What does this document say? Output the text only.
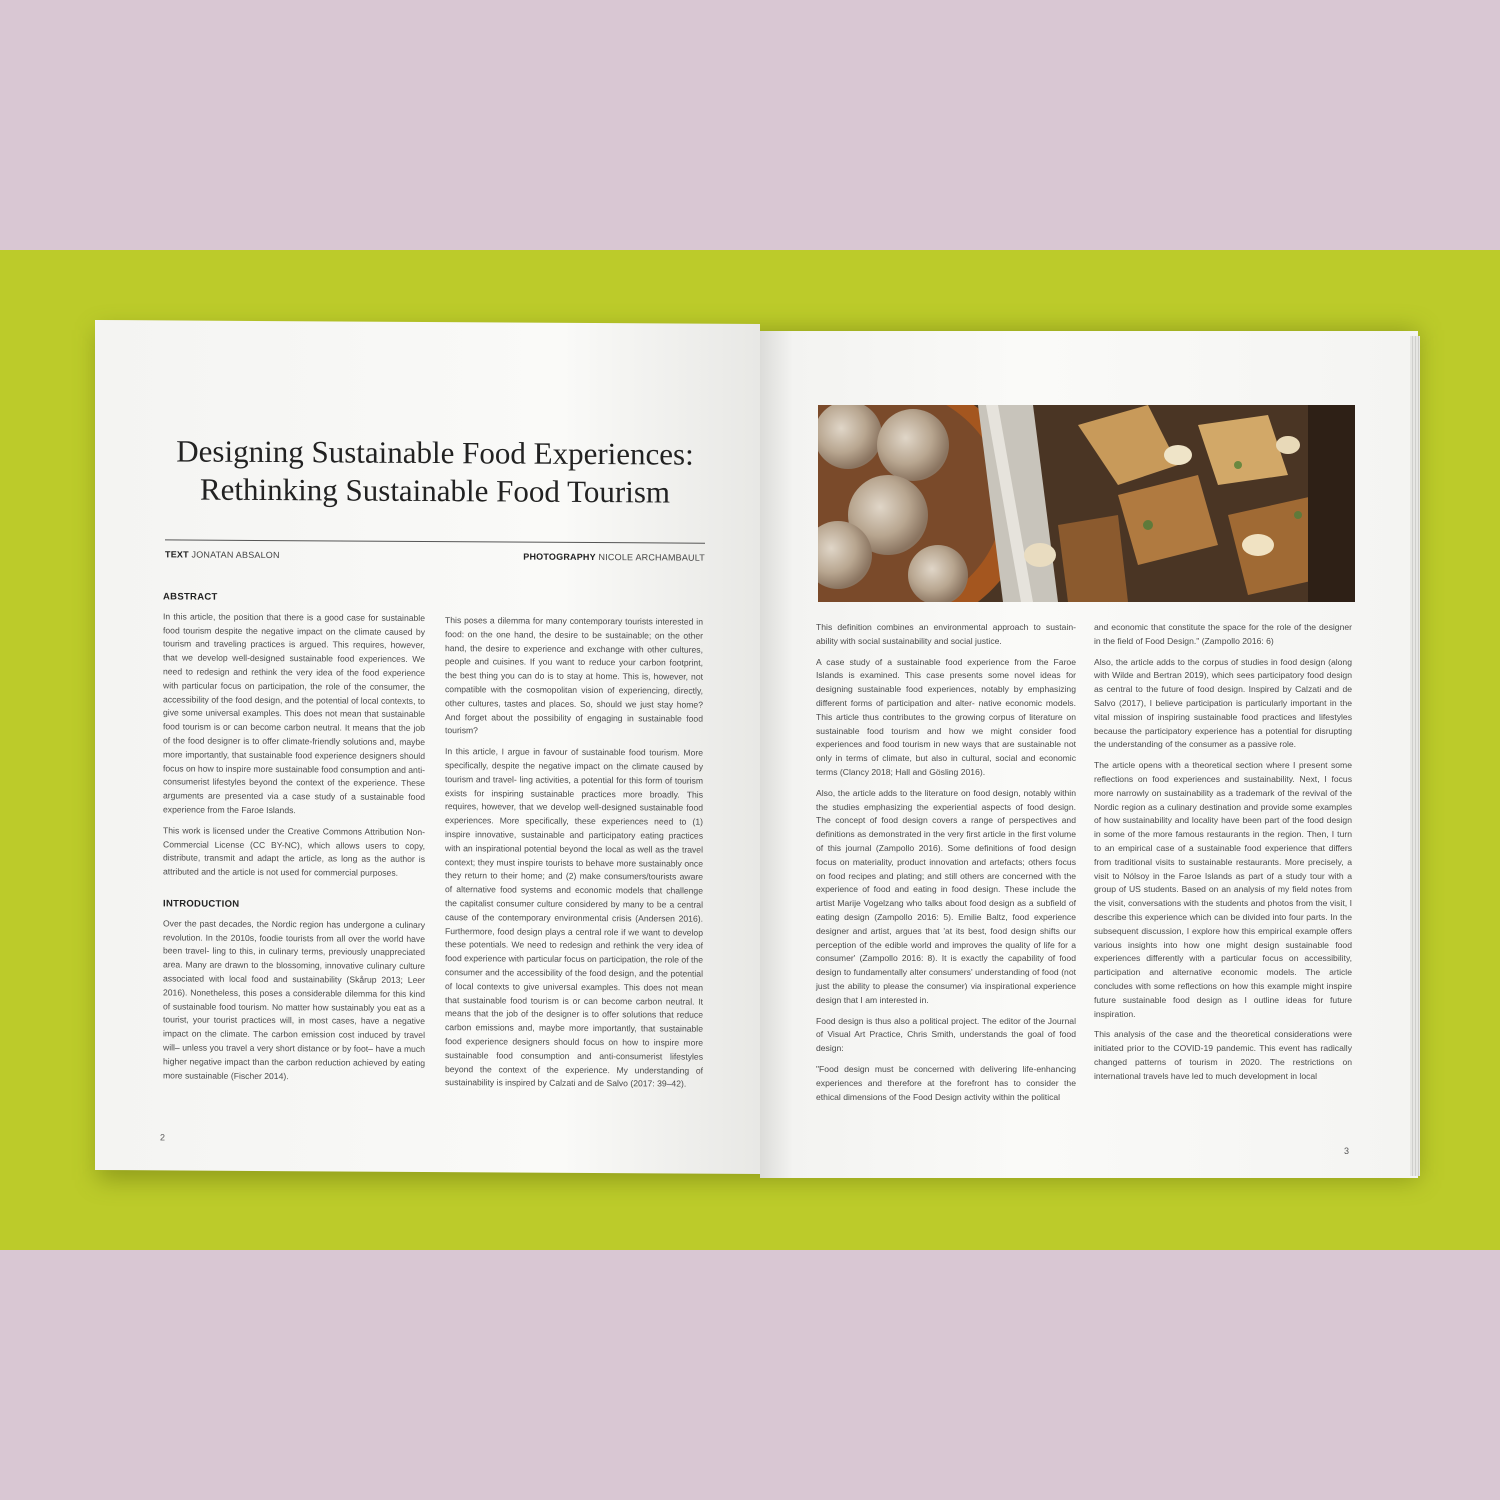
Designing Sustainable Food Experiences:
Rethinking Sustainable Food Tourism
TEXT JONATAN ABSALON	PHOTOGRAPHY NICOLE ARCHAMBAULT
ABSTRACT

In this article, the position that there is a good case for sustainable food tourism despite the negative impact on the climate caused by tourism and traveling practices is argued. This requires, however, that we develop well-designed sustainable food experiences. We need to redesign and rethink the very idea of the food experience with particular focus on participation, the role of the consumer, the accessibility of the food design, and the potential of local contexts, to give some universal examples. This does not mean that sustainable food tourism is or can become carbon neutral. It means that the job of the food designer is to offer climate-friendly solutions and, maybe more importantly, that sustainable food experience designers should focus on how to inspire more sustainable food consumption and anti- consumerist lifestyles beyond the context of the experience. These arguments are presented via a case study of a sustainable food experience from the Faroe Islands.

This work is licensed under the Creative Commons Attribution Non-Commercial License (CC BY-NC), which allows users to copy, distribute, transmit and adapt the article, as long as the author is attributed and the article is not used for commercial purposes.

INTRODUCTION

Over the past decades, the Nordic region has undergone a culinary revolution. In the 2010s, foodie tourists from all over the world have been travel- ling to this, in culinary terms, previously unappreciated area. Many are drawn to the blossoming, innovative culinary culture associated with local food and sustainability (Skårup 2013; Leer 2016). Nonetheless, this poses a considerable dilemma for this kind of sustainable food tourism. No matter how sustainably you eat as a tourist, your tourist practices will, in most cases, have a negative impact on the climate. The carbon emission cost induced by travel will– unless you travel a very short distance or by foot– have a much higher negative impact than the carbon reduction achieved by eating more sustainable (Fischer 2014).

This poses a dilemma for many contemporary tourists interested in food: on the one hand, the desire to be sustainable; on the other hand, the desire to experience and exchange with other cultures, people and cuisines. If you want to reduce your carbon footprint, the best thing you can do is to stay at home. This is, however, not compatible with the cosmopolitan vision of experiencing, directly, other cultures, tastes and places. So, should we just stay home? And forget about the possibility of engaging in sustainable food tourism?

In this article, I argue in favour of sustainable food tourism. More specifically, despite the negative impact on the climate caused by tourism and travel- ling activities, a potential for this form of tourism exists for inspiring sustainable practices more broadly. This requires, however, that we develop well-designed sustainable food experiences. More specifically, these experiences need to (1) inspire innovative, sustainable and participatory eating practices with an inspirational potential beyond the local as well as the travel context; they must inspire tourists to behave more sustainably once they return to their home; and (2) make consumers/tourists aware of alternative food systems and economic models that challenge the capitalist consumer culture considered by many to be a central cause of the contemporary environmental crisis (Andersen 2016). Furthermore, food design plays a central role if we want to develop these potentials. We need to redesign and rethink the very idea of food experience with particular focus on participation, the role of the consumer and the accessibility of the food design, and the potential of local contexts to give universal examples. This does not mean that sustainable food tourism is or can become carbon neutral. It means that the job of the designer is to offer solutions that reduce carbon emissions and, maybe more importantly, that sustainable food experience designers should focus on how to inspire more sustainable food consumption and anti-consumerist lifestyles beyond the context of the experience. My understanding of sustainability is inspired by Calzati and de Salvo (2017: 39–42).

2

This definition combines an environmental approach to sustain- ability with social sustainability and social justice.

A case study of a sustainable food experience from the Faroe Islands is examined. This case presents some novel ideas for designing sustainable food experiences, notably by emphasizing different forms of participation and alter- native economic models. This article thus contributes to the growing corpus of literature on sustainable food tourism and how we might consider food experiences and food tourism in new ways that are sustainable not only in terms of climate, but also in cultural, social and economic terms (Clancy 2018; Hall and Gösling 2016).

Also, the article adds to the literature on food design, notably within the studies emphasizing the experiential aspects of food design. The concept of food design covers a range of perspectives and definitions as demonstrated in the very first article in the first volume of this journal (Zampollo 2016). Some definitions of food design focus on materiality, product innovation and artefacts; others focus on food recipes and plating; and still others are concerned with the experience of food and eating in food design. These include the artist Marije Vogelzang who talks about food design as a subfield of eating design (Zampollo 2016: 5). Emilie Baltz, food experience designer and artist, argues that 'at its best, food design shifts our perception of the edible world and improves the quality of life for a consumer' (Zampollo 2016: 8). It is exactly the capability of food design to fundamentally alter consumers' understanding of food (not just the ability to please the consumer) via inspirational experience design that I am interested in.

Food design is thus also a political project. The editor of the Journal of Visual Art Practice, Chris Smith, understands the goal of food design:

"Food design must be concerned with delivering life-enhancing experiences and therefore at the forefront has to consider the ethical dimensions of the Food Design activity within the political

and economic that constitute the space for the role of the designer in the field of Food Design." (Zampollo 2016: 6)

Also, the article adds to the corpus of studies in food design (along with Wilde and Bertran 2019), which sees participatory food design as central to the future of food design. Inspired by Calzati and de Salvo (2017), I believe participation is particularly important in the vital mission of inspiring sustainable food practices and lifestyles because the participatory experience has a potential for disrupting the understanding of the consumer as a passive role.

The article opens with a theoretical section where I present some reflections on food experiences and sustainability. Next, I focus more narrowly on sustainability as a trademark of the revival of the Nordic region as a culinary destination and provide some examples of how sustainability and locality have been part of the food design in some of the more famous restaurants in the region. Then, I turn to an empirical case of a sustainable food experience that differs from traditional visits to sustainable restaurants. More precisely, a visit to Nólsoy in the Faroe Islands as part of a study tour with a group of US students. Based on an analysis of my field notes from the visit, conversations with the students and photos from the visit, I describe this experience which can be divided into four parts. In the subsequent discussion, I explore how this empirical example offers various insights into how one might design sustainable food experiences differently with a particular focus on accessibility, participation and alternative economic models. The article concludes with some reflections on how this example might inspire future sustainable food design as I outline ideas for future inspiration.

This analysis of the case and the theoretical considerations were initiated prior to the COVID-19 pandemic. This event has radically changed patterns of tourism in 2020. The restrictions on international travels have led to much development in local

3
